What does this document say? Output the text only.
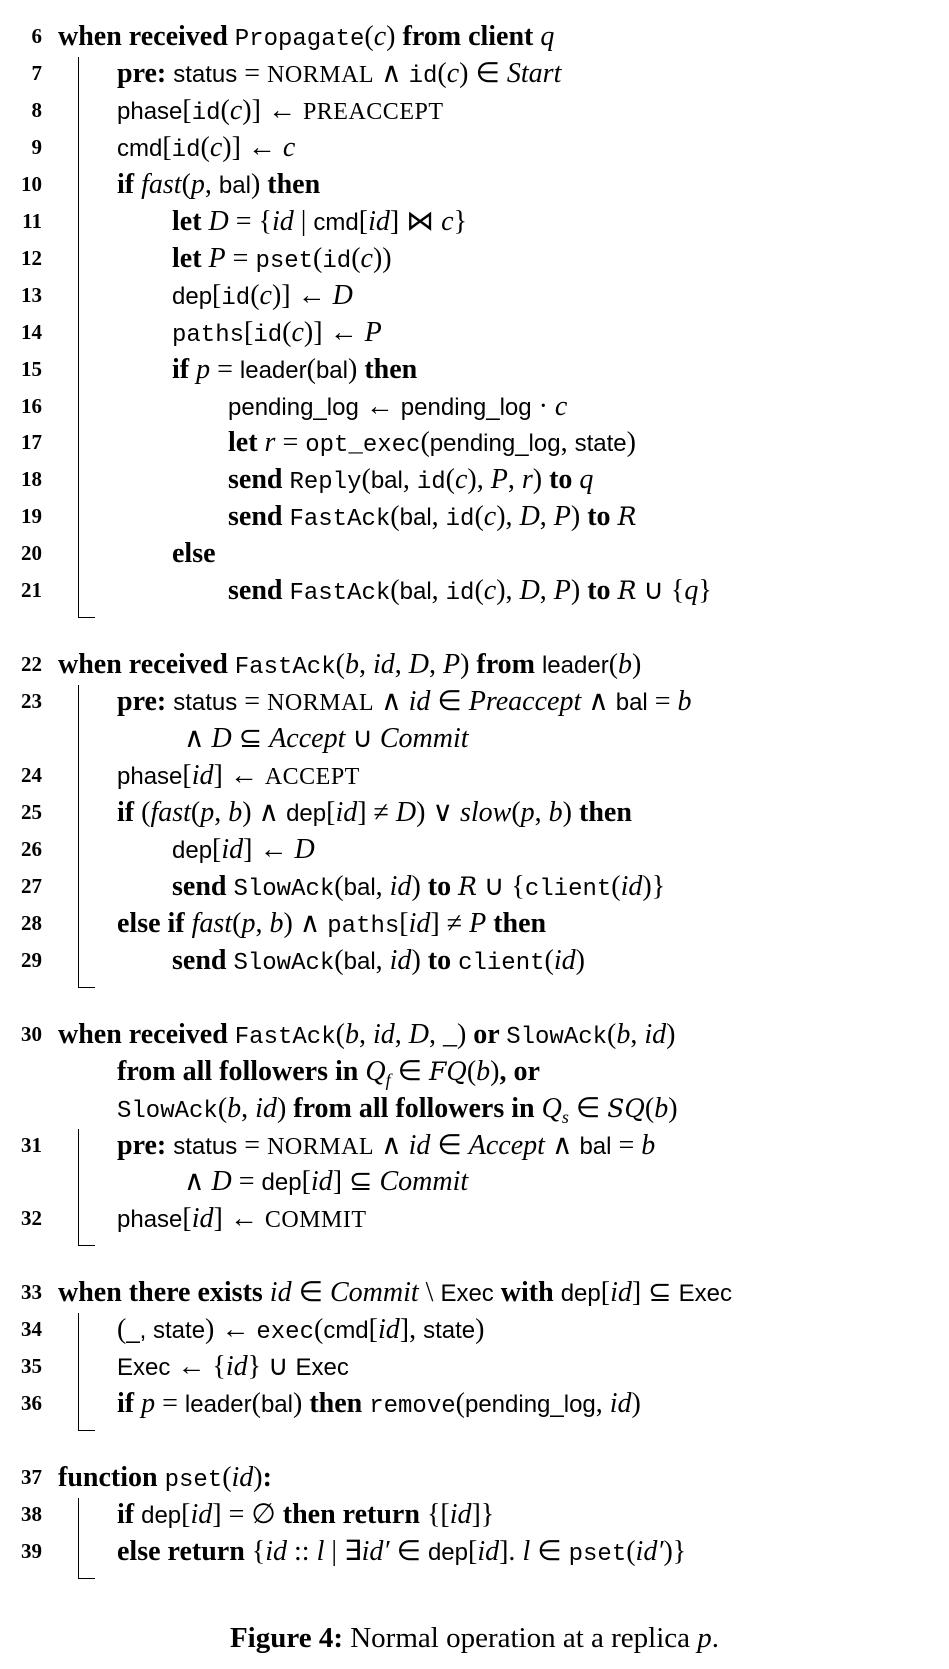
6 when received Propagate(c) from client q
7	pre: status = NORMAL ∧ id(c) ∈ Start
8	phase[id(c)] ← PREACCEPT
9	cmd[id(c)] ← c
10	if fast(p, bal) then
11	let D = {id | cmd[id] ⋈ c}
12	let P = pset(id(c))
13	dep[id(c)] ← D
14	paths[id(c)] ← P
15	if p = leader(bal) then
16	pending_log ← pending_log · c
17	let r = opt_exec(pending_log, state)
18	send Reply(bal, id(c), P, r) to q
19	send FastAck(bal, id(c), D, P) to R
20	else
21	send FastAck(bal, id(c), D, P) to R ∪ {q}
22 when received FastAck(b, id, D, P) from leader(b)
23	pre: status = NORMAL ∧ id ∈ Preaccept ∧ bal = b
∧ D ⊆ Accept ∪ Commit
24	phase[id] ← ACCEPT
25	if (fast(p, b) ∧ dep[id] ≠ D) ∨ slow(p, b) then
26	dep[id] ← D
27	send SlowAck(bal, id) to R ∪ {client(id)}
28	else if fast(p, b) ∧ paths[id] ≠ P then
29	send SlowAck(bal, id) to client(id)
30 when received FastAck(b, id, D, _) or SlowAck(b, id)
from all followers in $Q_f$ ∈ FQ(b), or
SlowAck(b, id) from all followers in $Q_s$ ∈ SQ(b)
31	pre: status = NORMAL ∧ id ∈ Accept ∧ bal = b
∧ D = dep[id] ⊆ Commit
32	phase[id] ← COMMIT
33 when there exists id ∈ Commit \ Exec with dep[id] ⊆ Exec
34	(_, state) ← exec(cmd[id], state)
35	Exec ← {id} ∪ Exec
36	if p = leader(bal) then remove(pending_log, id)
37 function pset(id):
38	if dep[id] = ∅ then return {[id]}
39	else return {id :: l | ∃id′ ∈ dep[id]. l ∈ pset(id′)}
Figure 4: Normal operation at a replica p.
